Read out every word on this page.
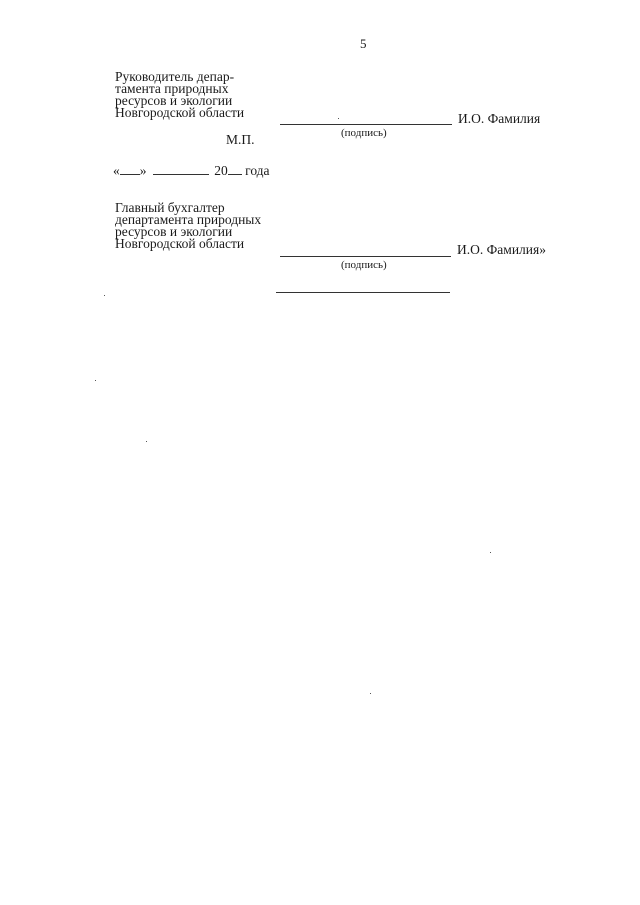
5
Руководитель депар-
тамента природных
ресурсов и экологии
Новгородской области
(подпись)
И.О. Фамилия
М.П.
« »	20 года
Главный бухгалтер
департамента природных
ресурсов и экологии
Новгородской области
(подпись)
И.О. Фамилия»
